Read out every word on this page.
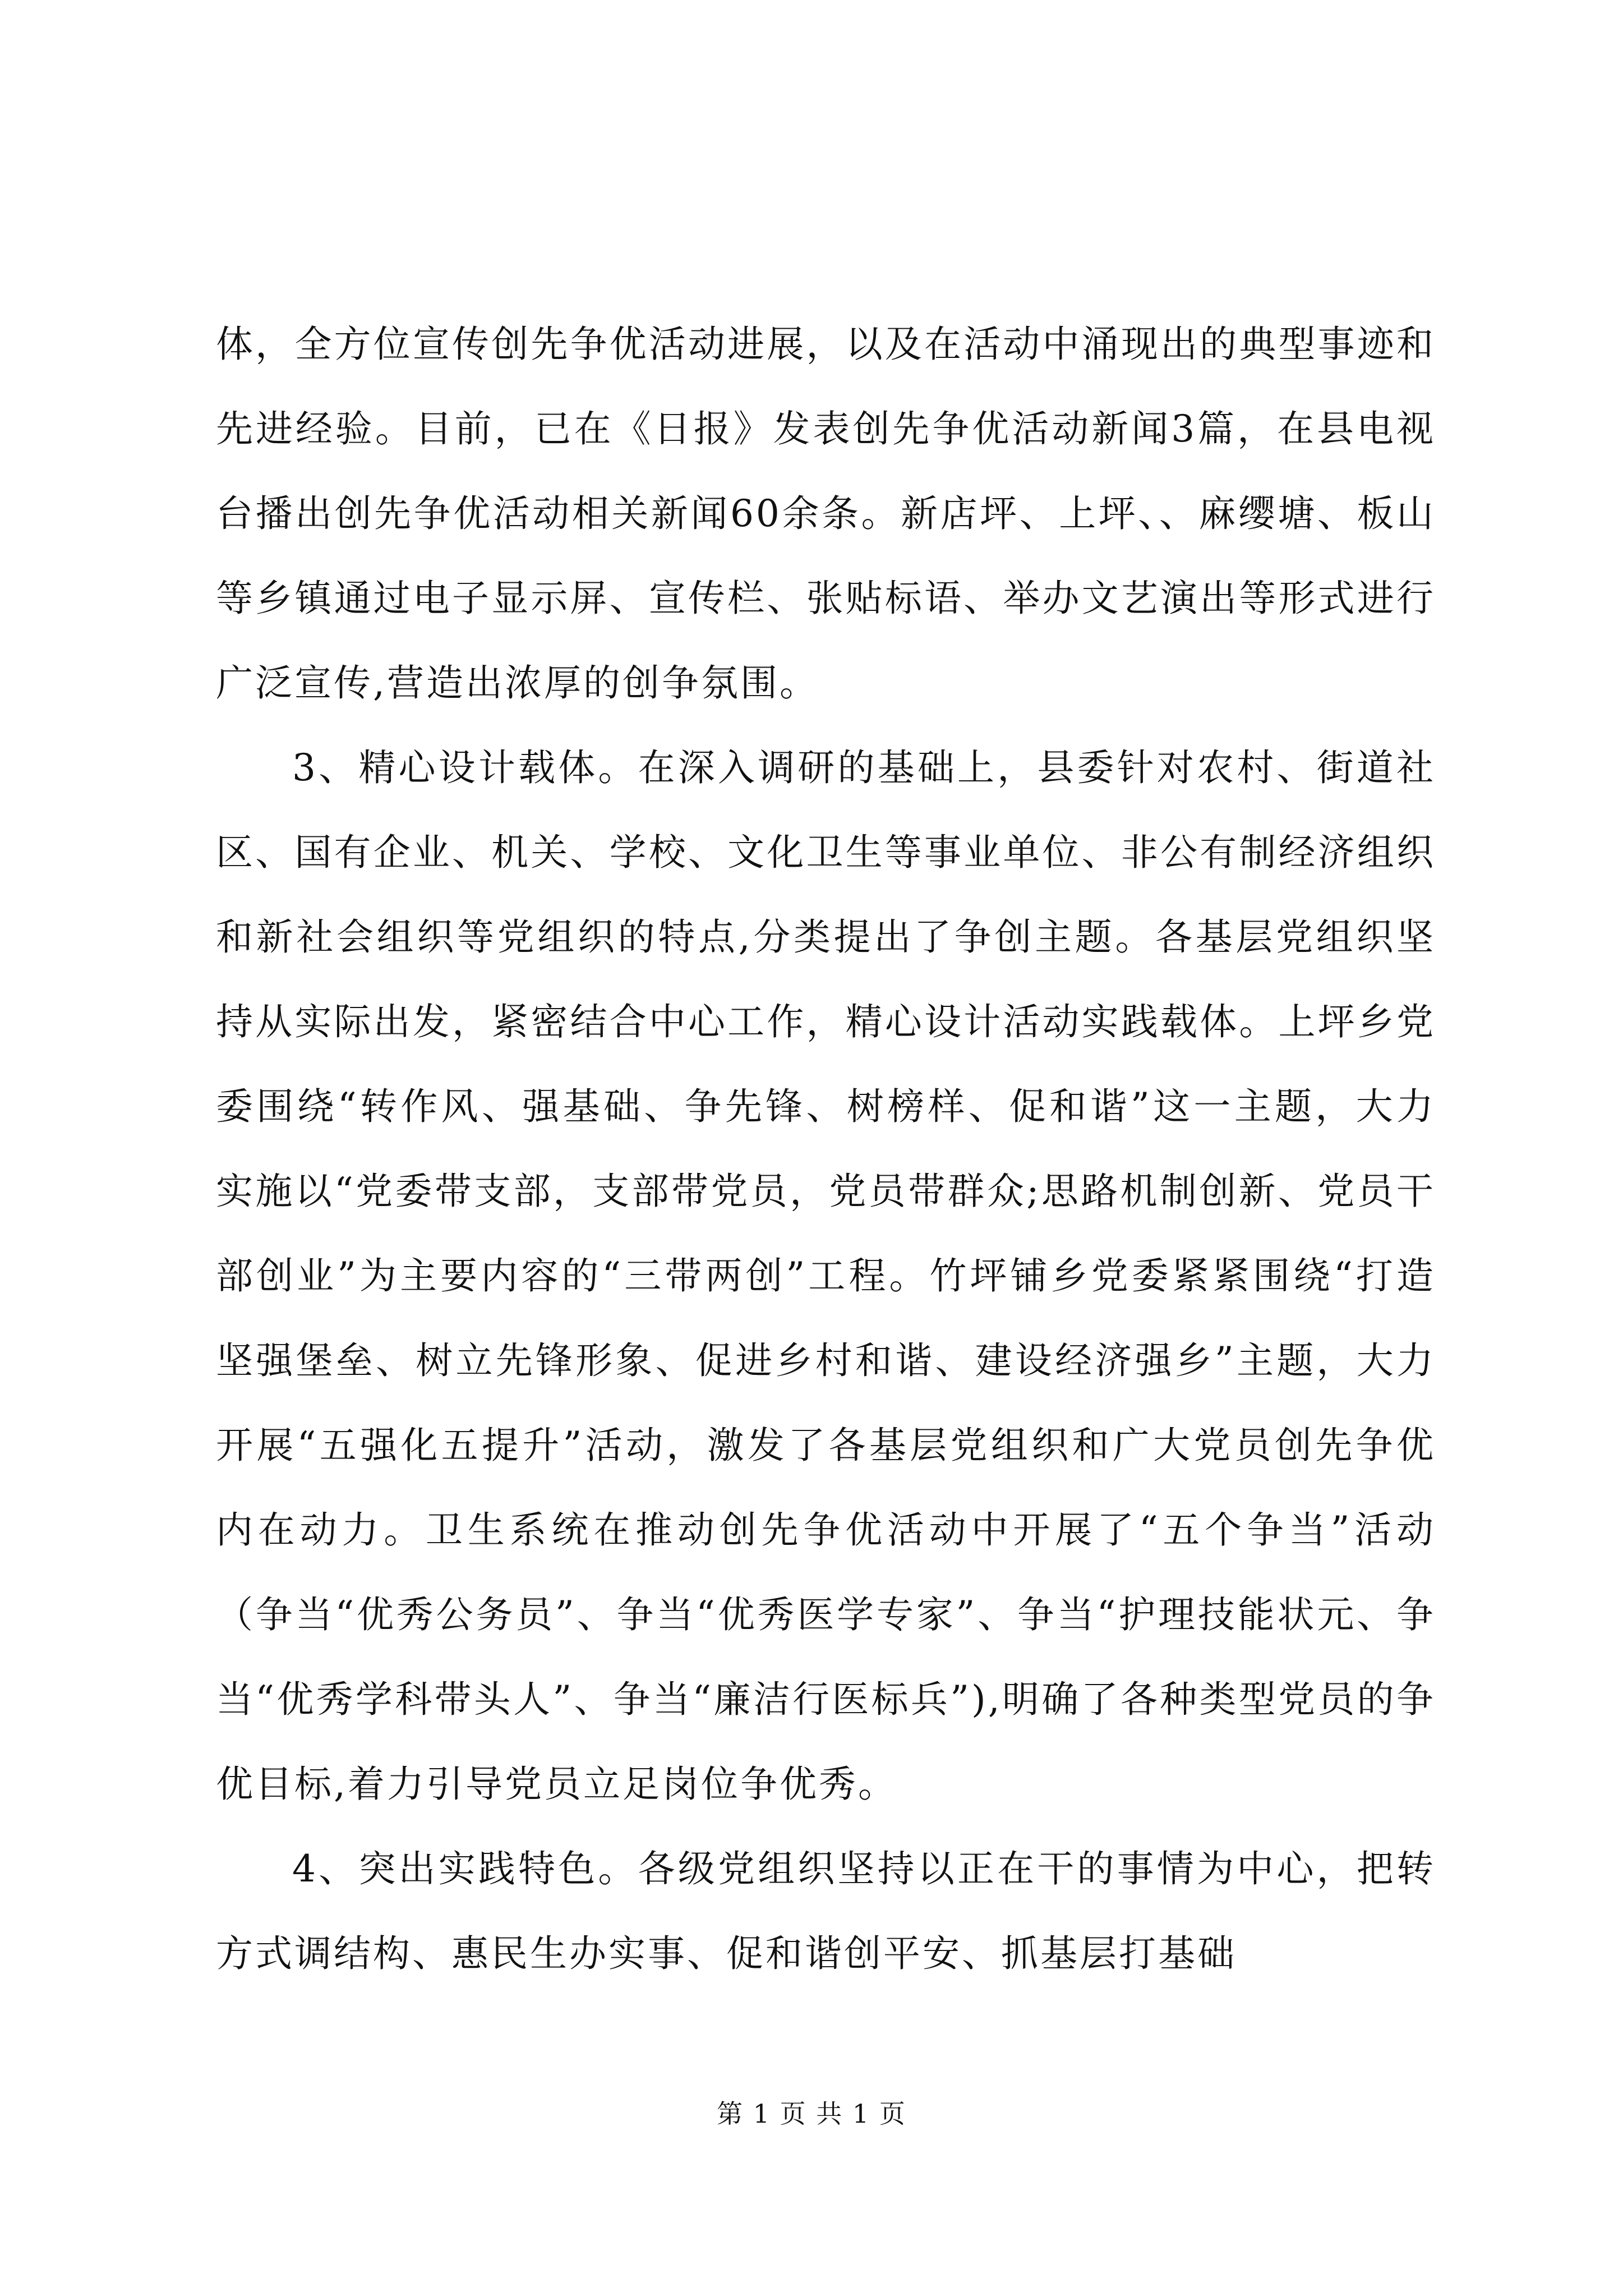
体，全方位宣传创先争优活动进展，以及在活动中涌现出的典型事迹和先进经验。目前，已在《日报》发表创先争优活动新闻3篇，在县电视台播出创先争优活动相关新闻60余条。新店坪、上坪、、麻缨塘、板山等乡镇通过电子显示屏、宣传栏、张贴标语、举办文艺演出等形式进行广泛宣传,营造出浓厚的创争氛围。

3、精心设计载体。在深入调研的基础上，县委针对农村、街道社区、国有企业、机关、学校、文化卫生等事业单位、非公有制经济组织和新社会组织等党组织的特点,分类提出了争创主题。各基层党组织坚持从实际出发，紧密结合中心工作，精心设计活动实践载体。上坪乡党委围绕“转作风、强基础、争先锋、树榜样、促和谐”这一主题，大力实施以“党委带支部，支部带党员，党员带群众;思路机制创新、党员干部创业”为主要内容的“三带两创”工程。竹坪铺乡党委紧紧围绕“打造坚强堡垒、树立先锋形象、促进乡村和谐、建设经济强乡”主题，大力开展“五强化五提升”活动，激发了各基层党组织和广大党员创先争优内在动力。卫生系统在推动创先争优活动中开展了“五个争当”活动（争当“优秀公务员”、争当“优秀医学专家”、争当“护理技能状元、争当“优秀学科带头人”、争当“廉洁行医标兵”),明确了各种类型党员的争优目标,着力引导党员立足岗位争优秀。

4、突出实践特色。各级党组织坚持以正在干的事情为中心，把转方式调结构、惠民生办实事、促和谐创平安、抓基层打基础

第 1 页 共 1 页
